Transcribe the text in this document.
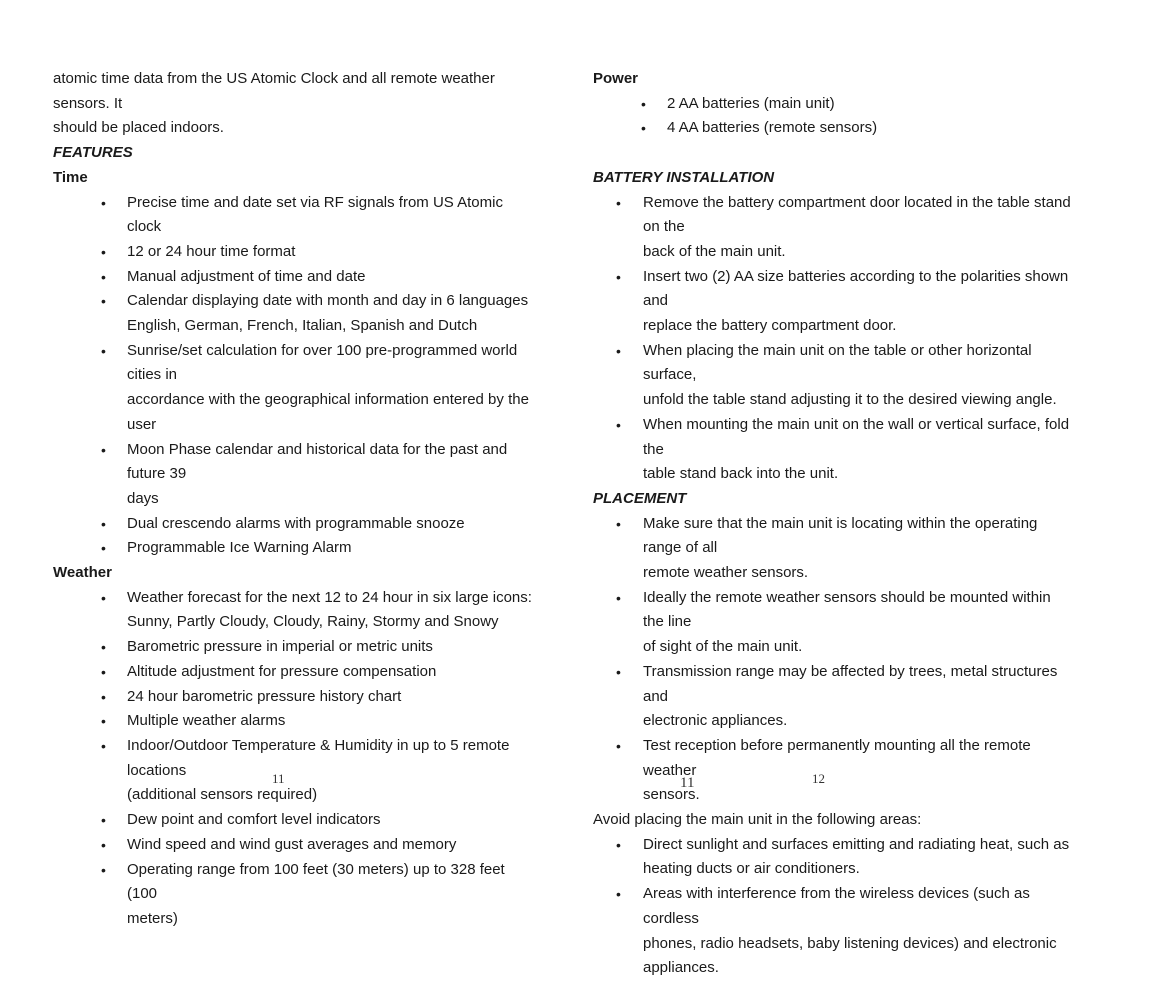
atomic time data from the US Atomic Clock and all remote weather sensors. It

should be placed indoors.

FEATURES

Time

• Precise time and date set via RF signals from US Atomic clock
• 12 or 24 hour time format
• Manual adjustment of time and date
• Calendar displaying date with month and day in 6 languages
English, German, French, Italian, Spanish and Dutch
• Sunrise/set calculation for over 100 pre-programmed world cities in
accordance with the geographical information entered by the user
• Moon Phase calendar and historical data for the past and future 39
days
• Dual crescendo alarms with programmable snooze
• Programmable Ice Warning Alarm

Weather

• Weather forecast for the next 12 to 24 hour in six large icons:
Sunny, Partly Cloudy, Cloudy, Rainy, Stormy and Snowy
• Barometric pressure in imperial or metric units
• Altitude adjustment for pressure compensation
• 24 hour barometric pressure history chart
• Multiple weather alarms
• Indoor/Outdoor Temperature & Humidity in up to 5 remote locations
(additional sensors required)
• Dew point and comfort level indicators
• Wind speed and wind gust averages and memory
• Operating range from 100 feet (30 meters) up to 328 feet (100
meters)

Power

• 2 AA batteries (main unit)
• 4 AA batteries (remote sensors)

BATTERY INSTALLATION

• Remove the battery compartment door located in the table stand on the
back of the main unit.
• Insert two (2) AA size batteries according to the polarities shown and
replace the battery compartment door.
• When placing the main unit on the table or other horizontal surface,
unfold the table stand adjusting it to the desired viewing angle.
• When mounting the main unit on the wall or vertical surface, fold the
table stand back into the unit.

PLACEMENT

• Make sure that the main unit is locating within the operating range of all
remote weather sensors.
• Ideally the remote weather sensors should be mounted within the line
of sight of the main unit.
• Transmission range may be affected by trees, metal structures and
electronic appliances.
• Test reception before permanently mounting all the remote weather
sensors.

Avoid placing the main unit in the following areas:

• Direct sunlight and surfaces emitting and radiating heat, such as
heating ducts or air conditioners.
• Areas with interference from the wireless devices (such as cordless
phones, radio headsets, baby listening devices) and electronic
appliances.
11	11	12
